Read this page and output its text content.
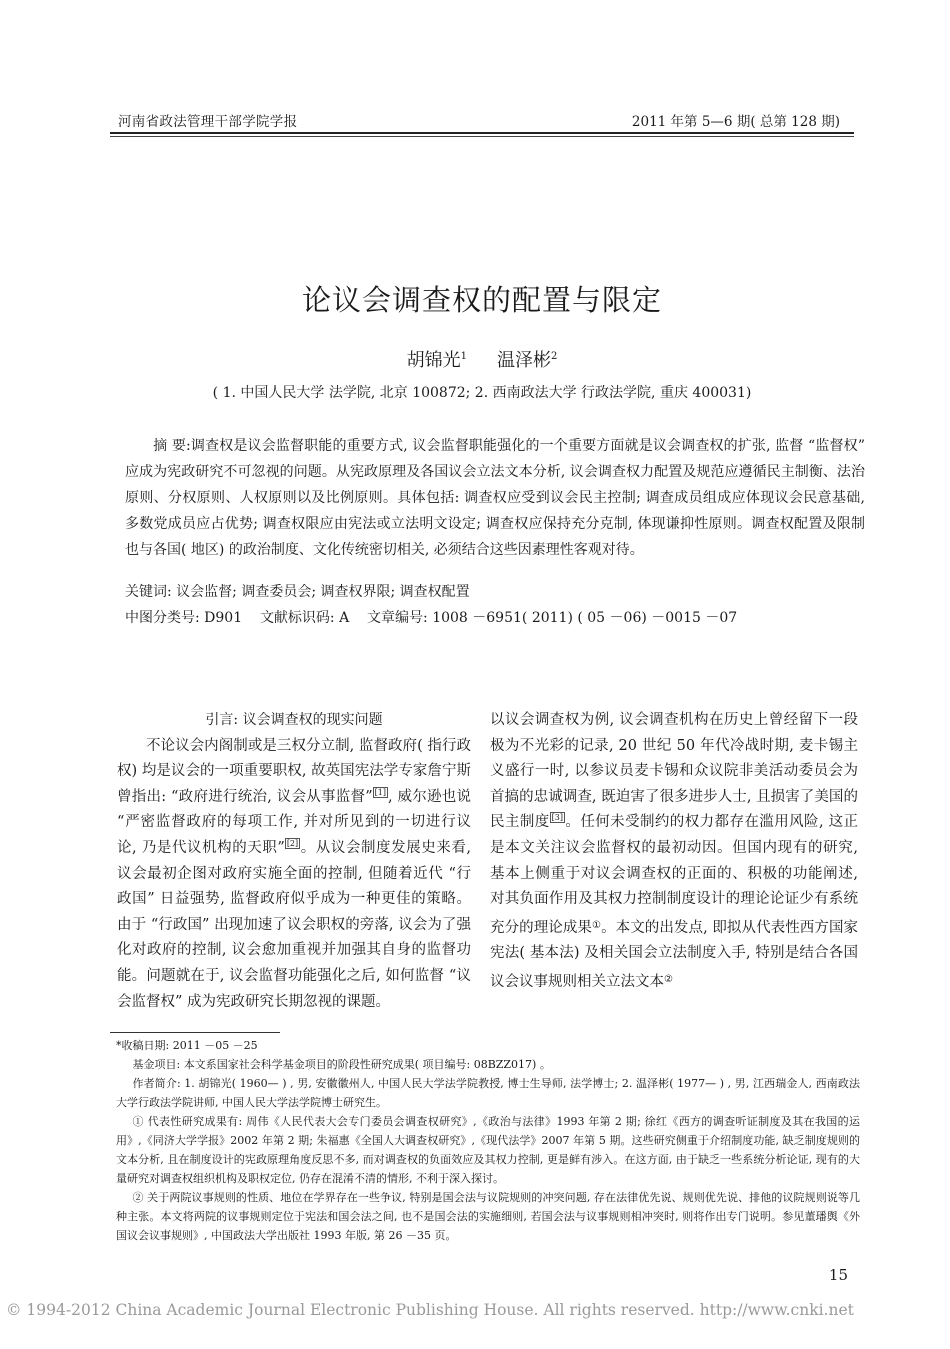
河南省政法管理干部学院学报	2011 年第 5—6 期( 总第 128 期)
论议会调查权的配置与限定
胡锦光$^1$ 温泽彬$^2$
( 1. 中国人民大学 法学院, 北京 100872; 2. 西南政法大学 行政法学院, 重庆 400031)
摘 要:调查权是议会监督职能的重要方式, 议会监督职能强化的一个重要方面就是议会调查权的扩张, 监督 “监督权” 应成为宪政研究不可忽视的问题。从宪政原理及各国议会立法文本分析, 议会调查权力配置及规范应遵循民主制衡、法治原则、分权原则、人权原则以及比例原则。具体包括: 调查权应受到议会民主控制; 调查成员组成应体现议会民意基础, 多数党成员应占优势; 调查权限应由宪法或立法明文设定; 调查权应保持充分克制, 体现谦抑性原则。调查权配置及限制也与各国( 地区) 的政治制度、文化传统密切相关, 必须结合这些因素理性客观对待。
关键词: 议会监督; 调查委员会; 调查权界限; 调查权配置
中图分类号: D901 文献标识码: A 文章编号: 1008 －6951( 2011) ( 05 －06) －0015 －07
引言: 议会调查权的现实问题

不论议会内阁制或是三权分立制, 监督政府( 指行政权) 均是议会的一项重要职权, 故英国宪法学专家詹宁斯曾指出: “政府进行统治, 议会从事监督” [1] , 威尔逊也说 “严密监督政府的每项工作, 并对所见到的一切进行议论, 乃是代议机构的天职” [2] 。从议会制度发展史来看, 议会最初企图对政府实施全面的控制, 但随着近代 “行政国” 日益强势, 监督政府似乎成为一种更佳的策略。由于 “行政国” 出现加速了议会职权的旁落, 议会为了强化对政府的控制, 议会愈加重视并加强其自身的监督功能。问题就在于, 议会监督功能强化之后, 如何监督 “议会监督权” 成为宪政研究长期忽视的课题。

以议会调查权为例, 议会调查机构在历史上曾经留下一段极为不光彩的记录, 20 世纪 50 年代冷战时期, 麦卡锡主义盛行一时, 以参议员麦卡锡和众议院非美活动委员会为首搞的忠诚调查, 既迫害了很多进步人士, 且损害了美国的民主制度 [3] 。任何未受制约的权力都存在滥用风险, 这正是本文关注议会监督权的最初动因。但国内现有的研究, 基本上侧重于对议会调查权的正面的、积极的功能阐述, 对其负面作用及其权力控制制度设计的理论论证少有系统充分的理论成果①。本文的出发点, 即拟从代表性西方国家宪法( 基本法) 及相关国会立法制度入手, 特别是结合各国议会议事规则相关立法文本②

*收稿日期: 2011 －05 －25

基金项目: 本文系国家社会科学基金项目的阶段性研究成果( 项目编号: 08BZZ017) 。

作者简介: 1. 胡锦光( 1960— ) , 男, 安徽徽州人, 中国人民大学法学院教授, 博士生导师, 法学博士; 2. 温泽彬( 1977— ) , 男, 江西瑞金人, 西南政法大学行政法学院讲师, 中国人民大学法学院博士研究生。

① 代表性研究成果有: 周伟《人民代表大会专门委员会调查权研究》,《政治与法律》1993 年第 2 期; 徐红《西方的调查听证制度及其在我国的运用》,《同济大学学报》2002 年第 2 期; 朱福惠《全国人大调查权研究》,《现代法学》2007 年第 5 期。这些研究侧重于介绍制度功能, 缺乏制度规则的文本分析, 且在制度设计的宪政原理角度反思不多, 而对调查权的负面效应及其权力控制, 更是鲜有涉入。在这方面, 由于缺乏一些系统分析论证, 现有的大量研究对调查权组织机构及职权定位, 仍存在混淆不清的情形, 不利于深入探讨。

② 关于两院议事规则的性质、地位在学界存在一些争议, 特别是国会法与议院规则的冲突问题, 存在法律优先说、规则优先说、排他的议院规则说等几种主张。本文将两院的议事规则定位于宪法和国会法之间, 也不是国会法的实施细则, 若国会法与议事规则相冲突时, 则将作出专门说明。参见董璠舆《外国议会议事规则》, 中国政法大学出版社 1993 年版, 第 26 －35 页。

15
© 1994-2012 China Academic Journal Electronic Publishing House. All rights reserved. http://www.cnki.net
